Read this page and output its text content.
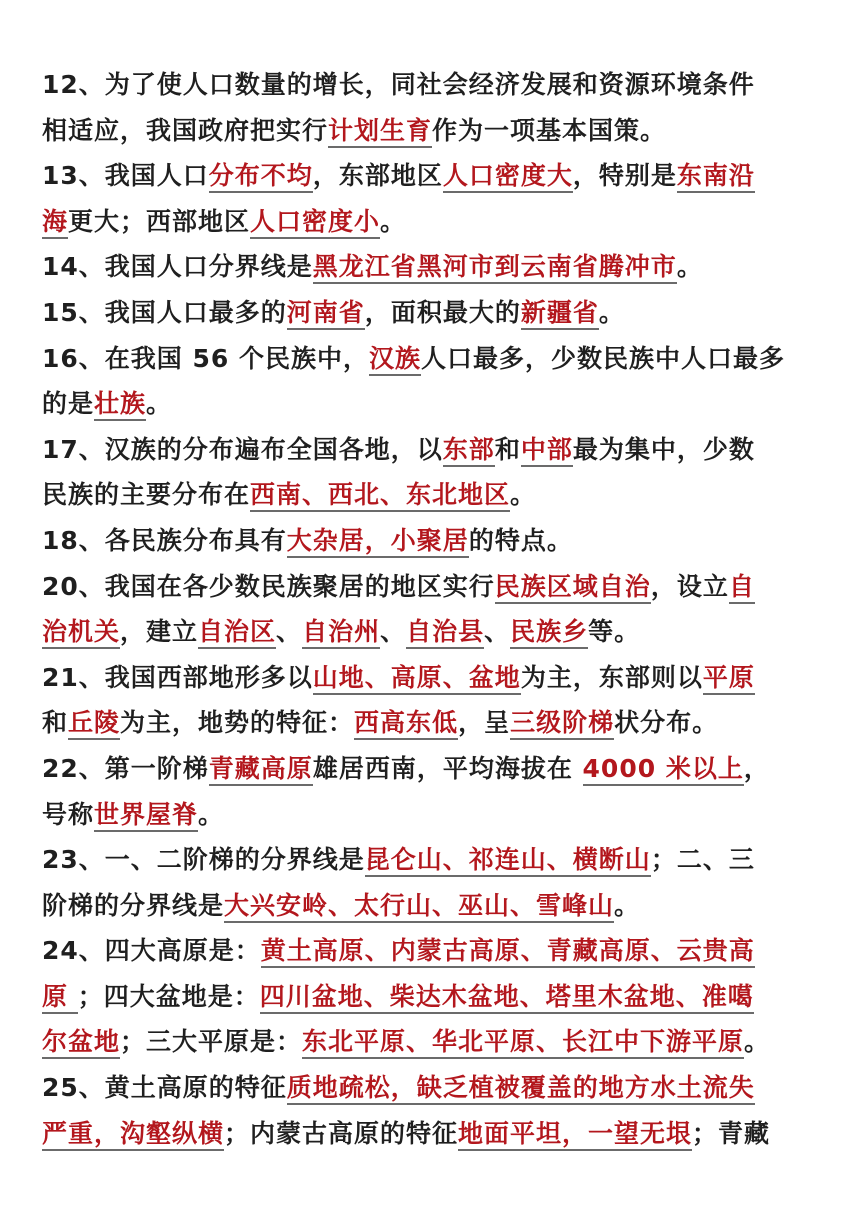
12、为了使人口数量的增长，同社会经济发展和资源环境条件
相适应，我国政府把实行计划生育作为一项基本国策。
13、我国人口分布不均，东部地区人口密度大，特别是东南沿
海更大；西部地区人口密度小。
14、我国人口分界线是黑龙江省黑河市到云南省腾冲市。
15、我国人口最多的河南省，面积最大的新疆省。
16、在我国 56 个民族中，汉族人口最多，少数民族中人口最多
的是壮族。
17、汉族的分布遍布全国各地，以东部和中部最为集中，少数
民族的主要分布在西南、西北、东北地区。
18、各民族分布具有大杂居，小聚居的特点。
20、我国在各少数民族聚居的地区实行民族区域自治，设立自
治机关，建立自治区、自治州、自治县、民族乡等。
21、我国西部地形多以山地、高原、盆地为主，东部则以平原
和丘陵为主，地势的特征：西高东低，呈三级阶梯状分布。
22、第一阶梯青藏高原雄居西南，平均海拔在 4000 米以上，
号称世界屋脊。
23、一、二阶梯的分界线是昆仑山、祁连山、横断山；二、三
阶梯的分界线是大兴安岭、太行山、巫山、雪峰山。
24、四大高原是：黄土高原、内蒙古高原、青藏高原、云贵高
原 ；四大盆地是：四川盆地、柴达木盆地、塔里木盆地、准噶
尔盆地；三大平原是：东北平原、华北平原、长江中下游平原。
25、黄土高原的特征质地疏松，缺乏植被覆盖的地方水土流失
严重，沟壑纵横；内蒙古高原的特征地面平坦，一望无垠；青藏
